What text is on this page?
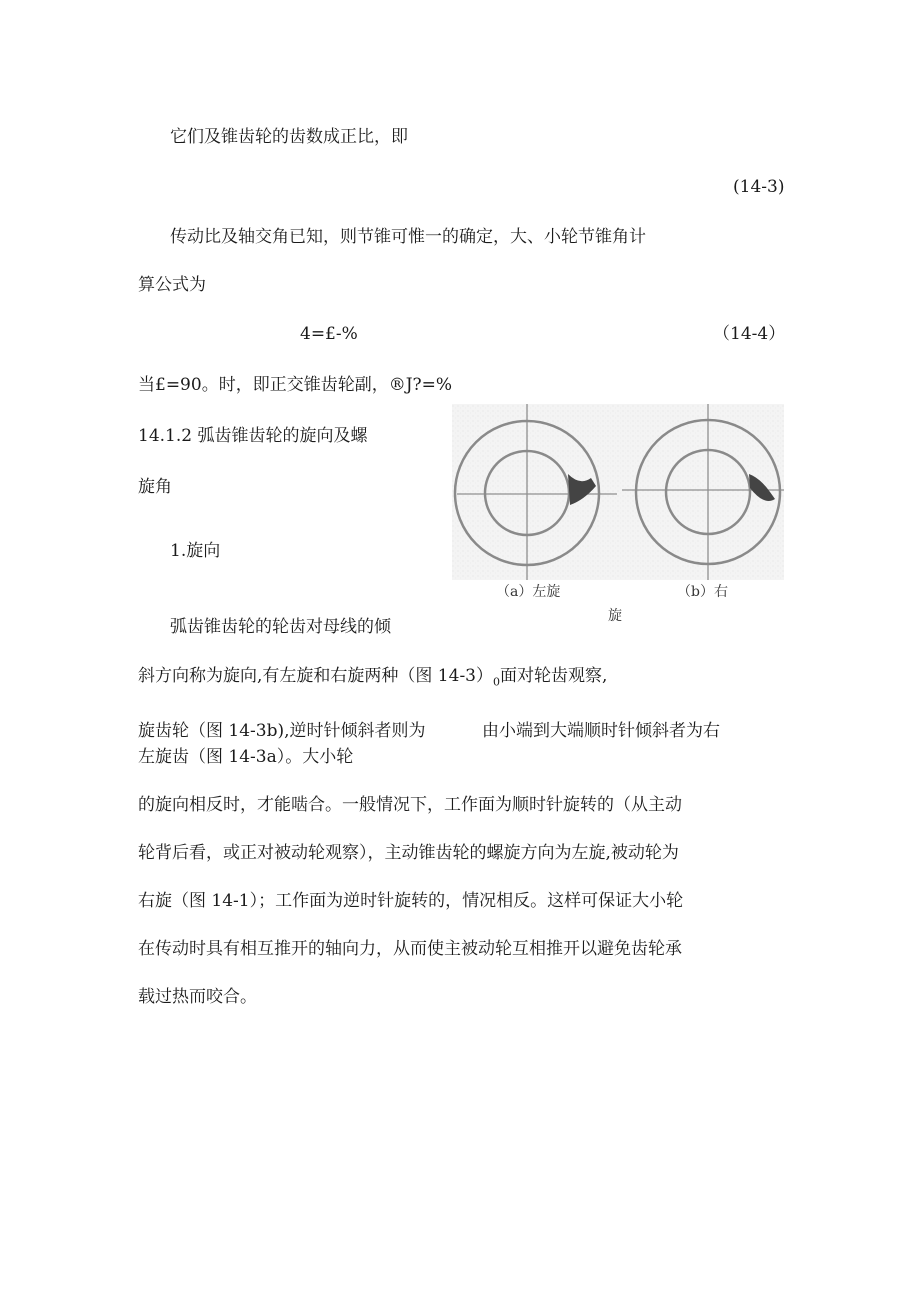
它们及锥齿轮的齿数成正比，即
(14-3)
传动比及轴交角已知，则节锥可惟一的确定，大、小轮节锥角计
算公式为
4=£-%	（14-4）
当£=90。时，即正交锥齿轮副，®J?=%
14.1.2 弧齿锥齿轮的旋向及螺
旋角
1.旋向
（a）左旋	（b）右
旋
弧齿锥齿轮的轮齿对母线的倾
斜方向称为旋向,有左旋和右旋两种（图 $14-3)_0$面对轮齿观察,
旋齿轮（图 14-3b),逆时针倾斜者则为	由小端到大端顺时针倾斜者为右
左旋齿（图 14-3a）。大小轮
的旋向相反时，才能啮合。一般情况下，工作面为顺时针旋转的（从主动
轮背后看，或正对被动轮观察），主动锥齿轮的螺旋方向为左旋,被动轮为
右旋（图 14-1）；工作面为逆时针旋转的，情况相反。这样可保证大小轮
在传动时具有相互推开的轴向力，从而使主被动轮互相推开以避免齿轮承
载过热而咬合。
